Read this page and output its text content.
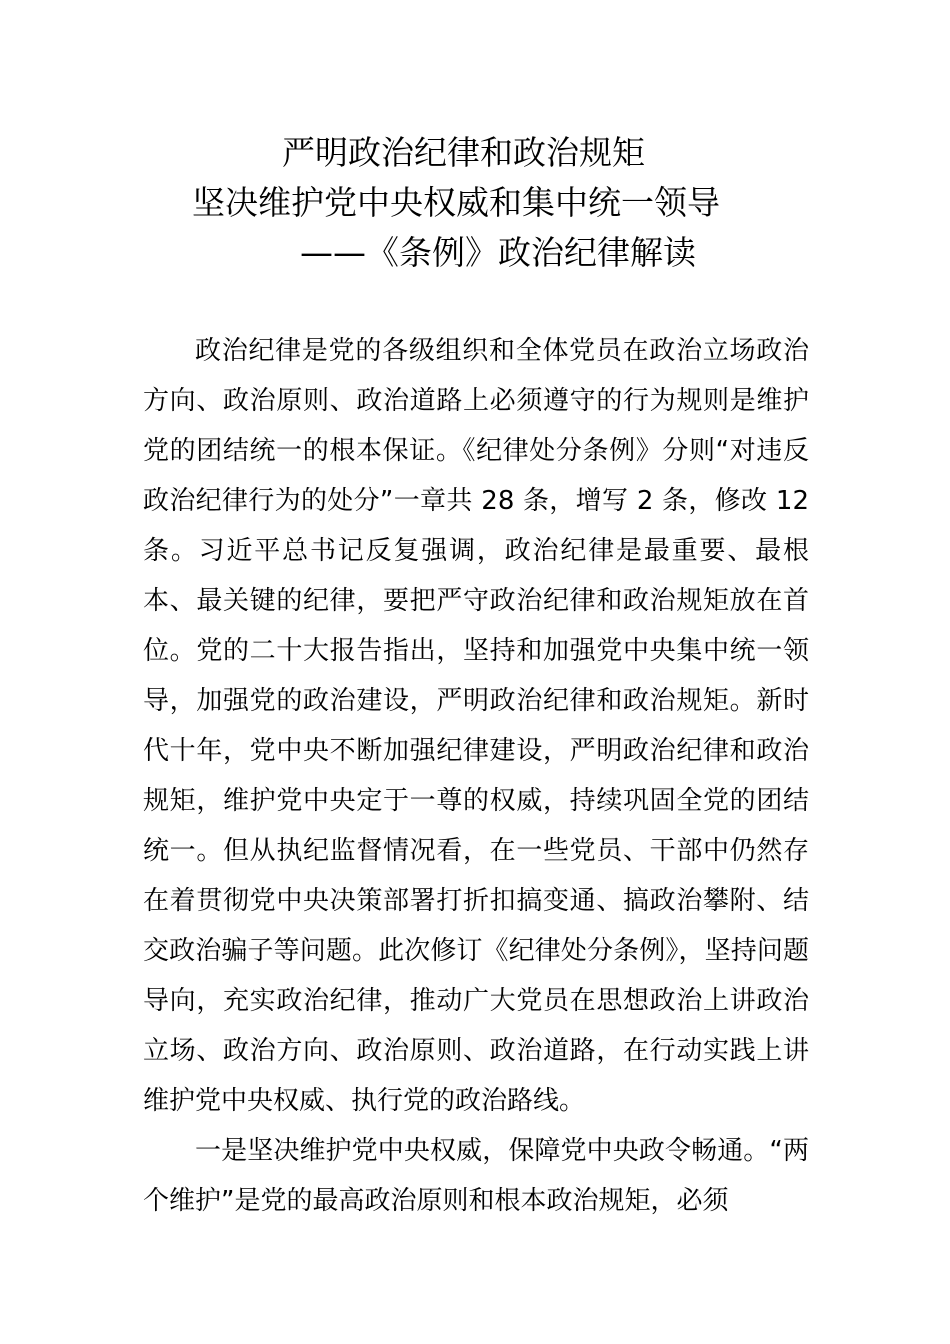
严明政治纪律和政治规矩
坚决维护党中央权威和集中统一领导
——《条例》政治纪律解读

政治纪律是党的各级组织和全体党员在政治立场政治方向、政治原则、政治道路上必须遵守的行为规则是维护党的团结统一的根本保证。《纪律处分条例》分则“对违反政治纪律行为的处分”一章共 28 条，增写 2 条，修改 12 条。习近平总书记反复强调，政治纪律是最重要、最根本、最关键的纪律，要把严守政治纪律和政治规矩放在首位。党的二十大报告指出，坚持和加强党中央集中统一领导，加强党的政治建设，严明政治纪律和政治规矩。新时代十年，党中央不断加强纪律建设，严明政治纪律和政治规矩，维护党中央定于一尊的权威，持续巩固全党的团结统一。但从执纪监督情况看，在一些党员、干部中仍然存在着贯彻党中央决策部署打折扣搞变通、搞政治攀附、结交政治骗子等问题。此次修订《纪律处分条例》，坚持问题导向，充实政治纪律，推动广大党员在思想政治上讲政治立场、政治方向、政治原则、政治道路，在行动实践上讲维护党中央权威、执行党的政治路线。

一是坚决维护党中央权威，保障党中央政令畅通。“两个维护”是党的最高政治原则和根本政治规矩，必须
